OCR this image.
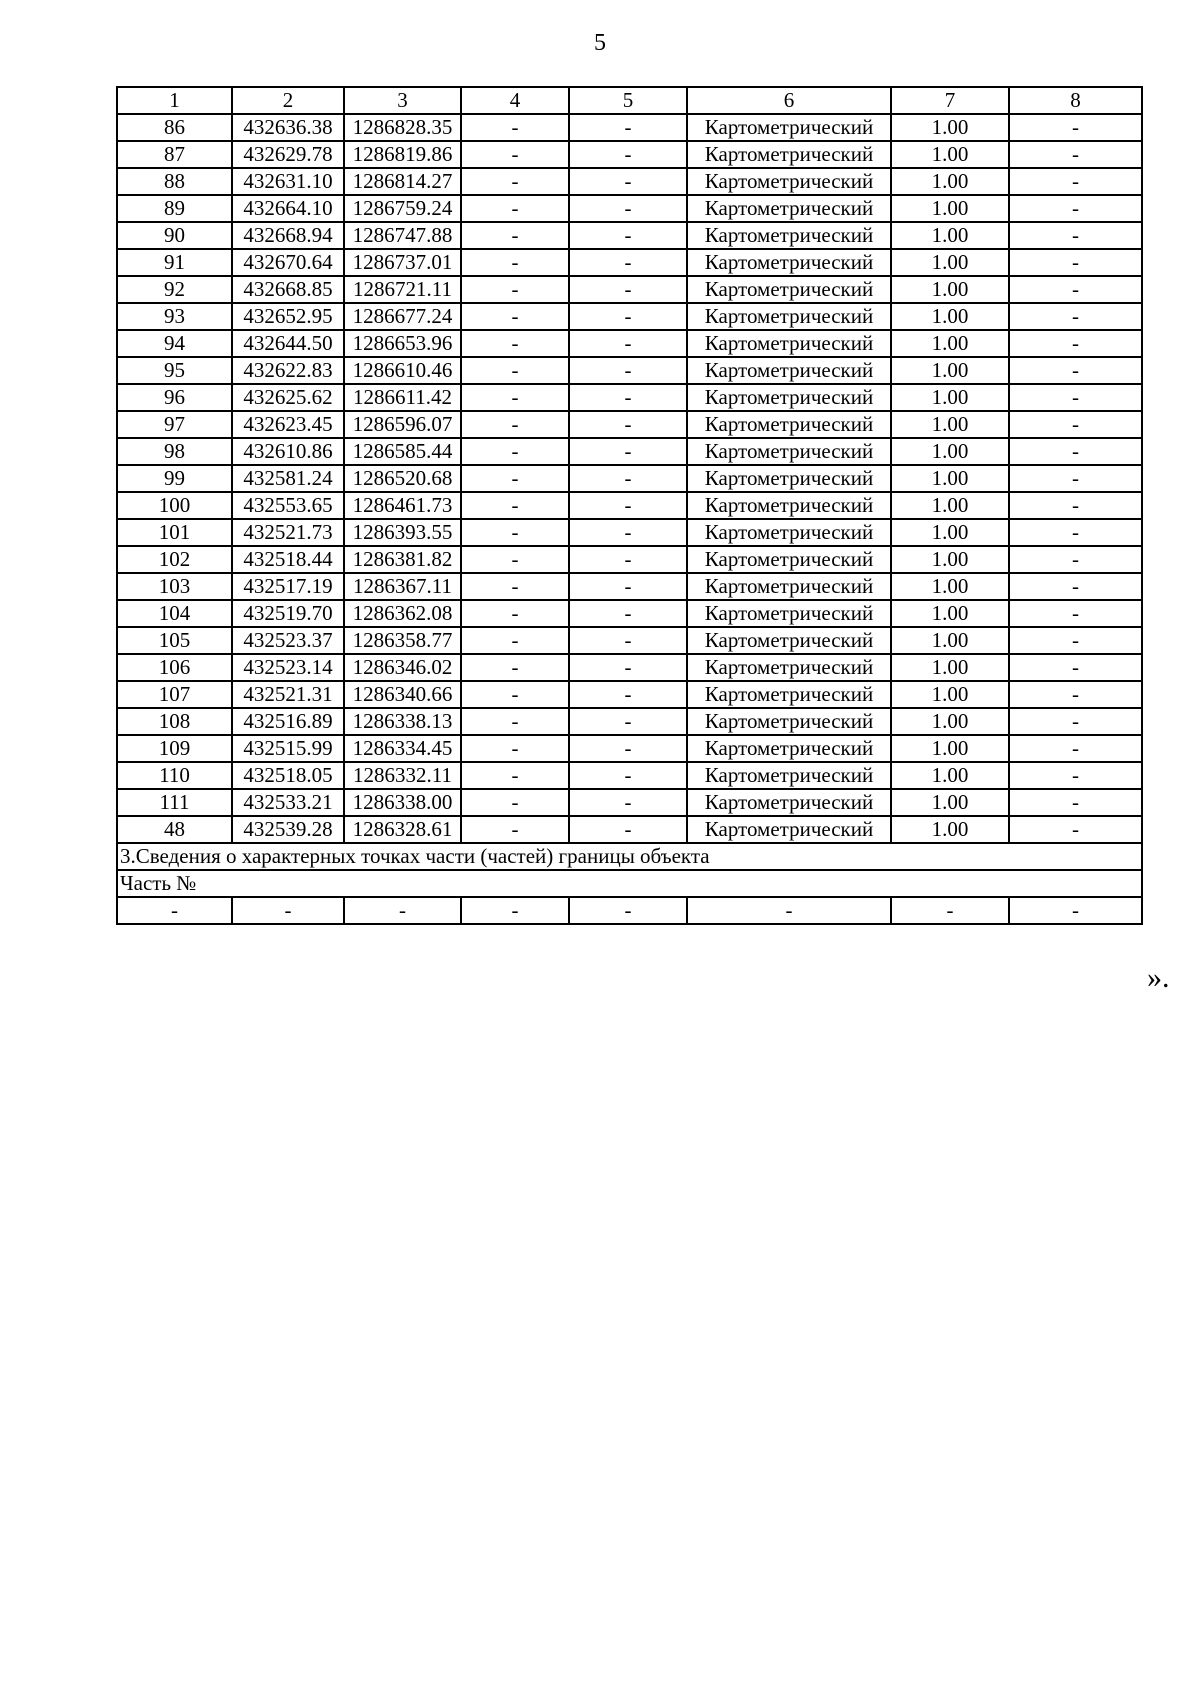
5
1	2	3	4	5	6	7	8
86	432636.38	1286828.35	-	-	Картометрический	1.00	-
87	432629.78	1286819.86	-	-	Картометрический	1.00	-
88	432631.10	1286814.27	-	-	Картометрический	1.00	-
89	432664.10	1286759.24	-	-	Картометрический	1.00	-
90	432668.94	1286747.88	-	-	Картометрический	1.00	-
91	432670.64	1286737.01	-	-	Картометрический	1.00	-
92	432668.85	1286721.11	-	-	Картометрический	1.00	-
93	432652.95	1286677.24	-	-	Картометрический	1.00	-
94	432644.50	1286653.96	-	-	Картометрический	1.00	-
95	432622.83	1286610.46	-	-	Картометрический	1.00	-
96	432625.62	1286611.42	-	-	Картометрический	1.00	-
97	432623.45	1286596.07	-	-	Картометрический	1.00	-
98	432610.86	1286585.44	-	-	Картометрический	1.00	-
99	432581.24	1286520.68	-	-	Картометрический	1.00	-
100	432553.65	1286461.73	-	-	Картометрический	1.00	-
101	432521.73	1286393.55	-	-	Картометрический	1.00	-
102	432518.44	1286381.82	-	-	Картометрический	1.00	-
103	432517.19	1286367.11	-	-	Картометрический	1.00	-
104	432519.70	1286362.08	-	-	Картометрический	1.00	-
105	432523.37	1286358.77	-	-	Картометрический	1.00	-
106	432523.14	1286346.02	-	-	Картометрический	1.00	-
107	432521.31	1286340.66	-	-	Картометрический	1.00	-
108	432516.89	1286338.13	-	-	Картометрический	1.00	-
109	432515.99	1286334.45	-	-	Картометрический	1.00	-
110	432518.05	1286332.11	-	-	Картометрический	1.00	-
111	432533.21	1286338.00	-	-	Картометрический	1.00	-
48	432539.28	1286328.61	-	-	Картометрический	1.00	-
3.Сведения о характерных точках части (частей) границы объекта							
Часть №							
-	-	-	-	-	-	-	-
».
